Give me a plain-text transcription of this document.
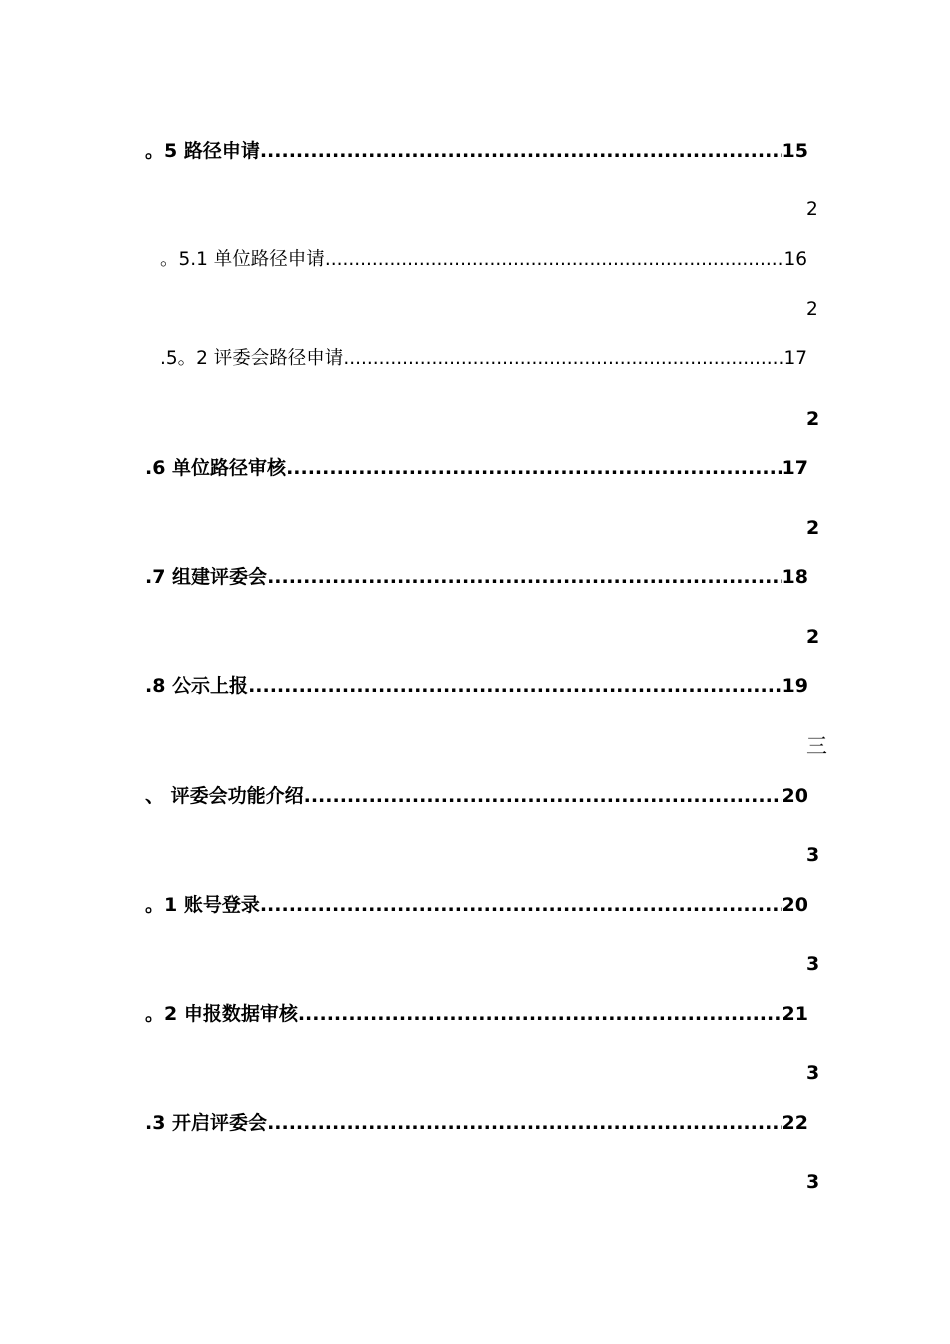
。5 路径申请 .....	15
2
。5.1 单位路径申请 .....	16
2
.5。2 评委会路径申请 .....	17
2
.6 单位路径审核 .....	17
2
.7 组建评委会 .....	18
2
.8 公示上报 .....	19
三
、 评委会功能介绍 .....	20
3
。1 账号登录 .....	20
3
。2 申报数据审核 .....	21
3
.3 开启评委会 .....	22
3
